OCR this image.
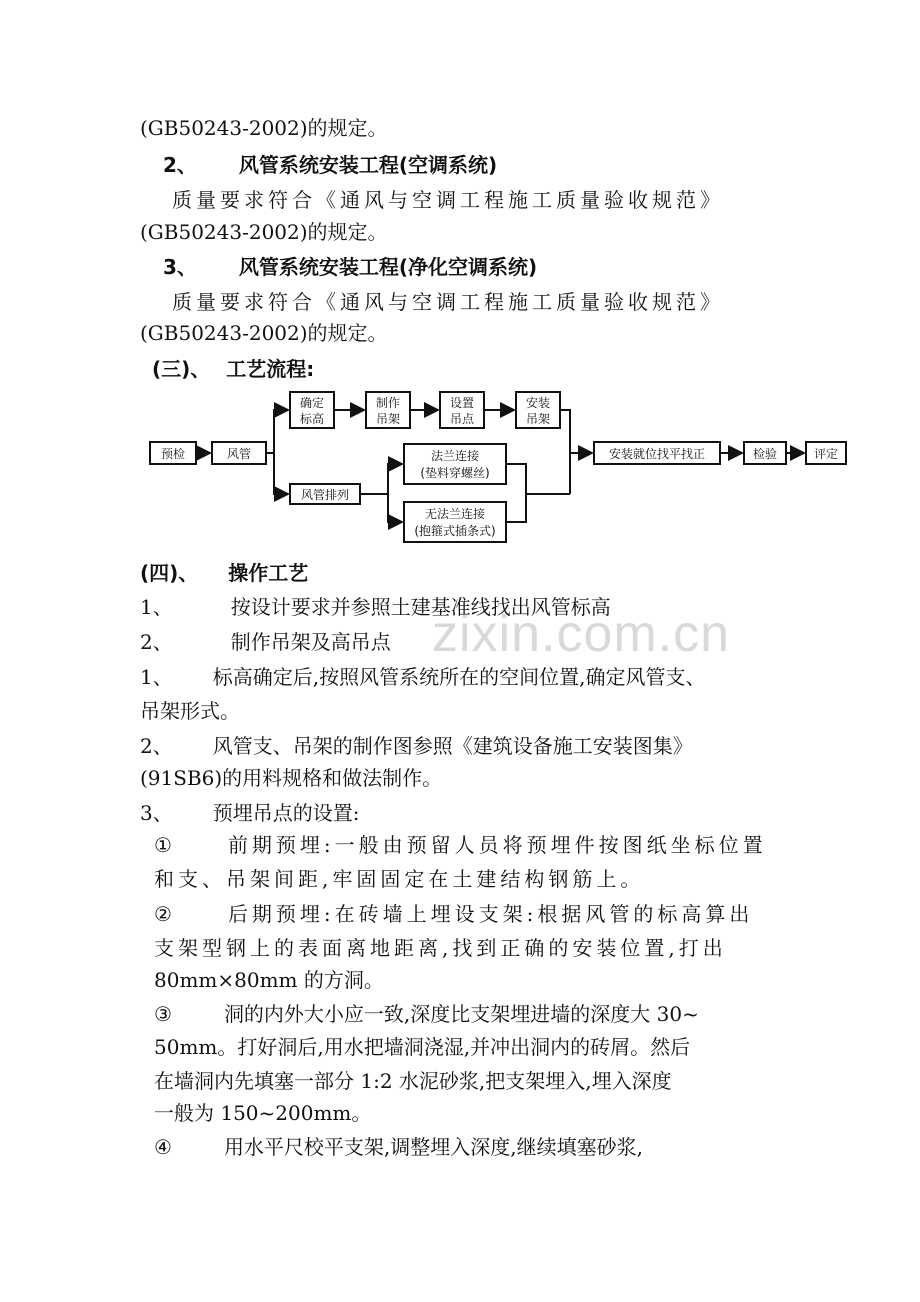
zixin.com.cn
(GB50243-2002)的规定。
2、 风管系统安装工程(空调系统)
质量要求符合《通风与空调工程施工质量验收规范》
(GB50243-2002)的规定。
3、 风管系统安装工程(净化空调系统)
质量要求符合《通风与空调工程施工质量验收规范》
(GB50243-2002)的规定。
(三)、 工艺流程:
预检	风管
确定
标高
制作
吊架
设置
吊点
安装
吊架
风管排列
法兰连接
(垫料穿螺丝)
无法兰连接
(抱箍式插条式)
安装就位找平找正	检验	评定
(四)、 操作工艺
1、	按设计要求并参照土建基准线找出风管标高
2、	制作吊架及高吊点
1、 标高确定后,按照风管系统所在的空间位置,确定风管支、
吊架形式。
2、 风管支、吊架的制作图参照《建筑设备施工安装图集》
(91SB6)的用料规格和做法制作。
3、 预埋吊点的设置:
①	前期预埋:一般由预留人员将预埋件按图纸坐标位置
和支、吊架间距,牢固固定在土建结构钢筋上。
②	后期预埋:在砖墙上埋设支架:根据风管的标高算出
支架型钢上的表面离地距离,找到正确的安装位置,打出
80mm×80mm 的方洞。
③	洞的内外大小应一致,深度比支架埋进墙的深度大 30~
50mm。打好洞后,用水把墙洞浇湿,并冲出洞内的砖屑。然后
在墙洞内先填塞一部分 1:2 水泥砂浆,把支架埋入,埋入深度
一般为 150~200mm。
④	用水平尺校平支架,调整埋入深度,继续填塞砂浆,
